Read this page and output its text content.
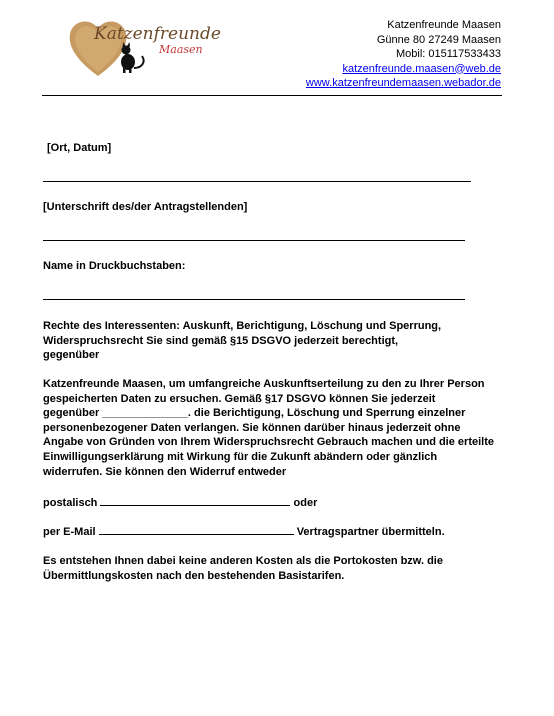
Katzenfreunde
Maasen
Katzenfreunde Maasen
Günne 80 27249 Maasen
Mobil: 015117533433
katzenfreunde.maasen@web.de
www.katzenfreundemaasen.webador.de
[Ort, Datum]
[Unterschrift des/der Antragstellenden]
Name in Druckbuchstaben:
Rechte des Interessenten: Auskunft, Berichtigung, Löschung und Sperrung, Widerspruchsrecht Sie sind gemäß §15 DSGVO jederzeit berechtigt, gegenüber

Katzenfreunde Maasen, um umfangreiche Auskunftserteilung zu den zu Ihrer Person

gespeicherten Daten zu ersuchen. Gemäß §17 DSGVO können Sie jederzeit

gegenüber ______________. die Berichtigung, Löschung und Sperrung einzelner

personenbezogener Daten verlangen. Sie können darüber hinaus jederzeit ohne

Angabe von Gründen von Ihrem Widerspruchsrecht Gebrauch machen und die erteilte

Einwilligungserklärung mit Wirkung für die Zukunft abändern oder gänzlich

widerrufen. Sie können den Widerruf entweder

postalisch	oder
per E-Mail	Vertragspartner übermitteln.
Es entstehen Ihnen dabei keine anderen Kosten als die Portokosten bzw. die Übermittlungskosten nach den bestehenden Basistarifen.
